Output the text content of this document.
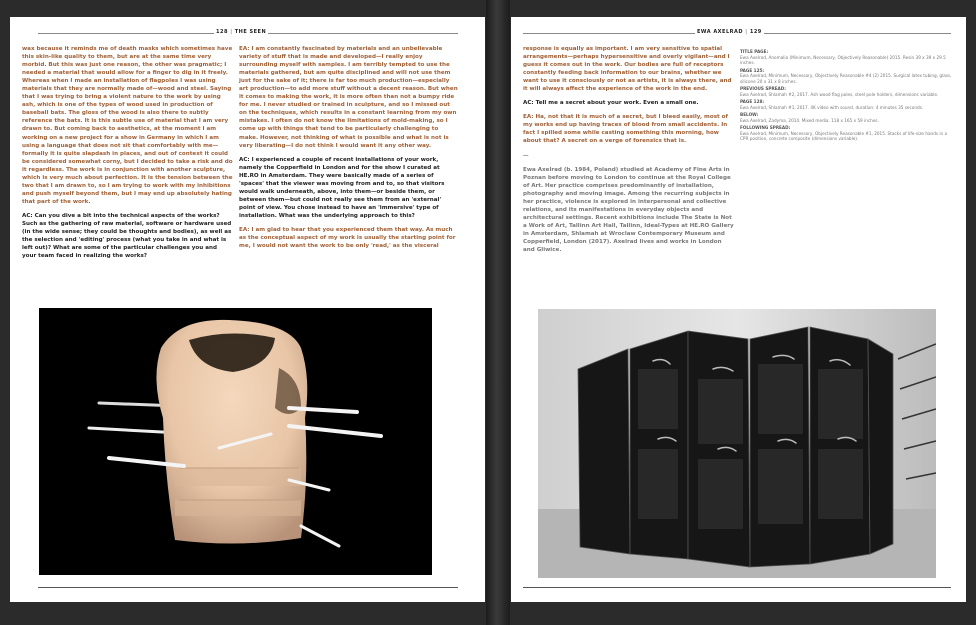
128 | THE SEEN

wax because it reminds me of death masks which sometimes have this skin-like quality to them, but are at the same time very morbid. But this was just one reason, the other was pragmatic; I needed a material that would allow for a finger to dig in it freely. Whereas when I made an installation of flagpoles I was using materials that they are normally made of—wood and steel. Saying that I was trying to bring a violent nature to the work by using ash, which is one of the types of wood used in production of baseball bats. The gloss of the wood is also there to subtly reference the bats. It is this subtle use of material that I am very drawn to. But coming back to aesthetics, at the moment I am working on a new project for a show in Germany in which I am using a language that does not sit that comfortably with me—formally it is quite slapdash in places, and out of context it could be considered somewhat corny, but I decided to take a risk and do it regardless. The work is in conjunction with another sculpture, which is very much about perfection. It is the tension between the two that I am drawn to, so I am trying to work with my inhibitions and push myself beyond them, but I may end up absolutely hating that part of the work.

AC: Can you dive a bit into the technical aspects of the works? Such as the gathering of raw material, software or hardware used (in the wide sense; they could be thoughts and bodies), as well as the selection and 'editing' process (what you take in and what is left out)? What are some of the particular challenges you and your team faced in realizing the works?

EA: I am constantly fascinated by materials and an unbelievable variety of stuff that is made and developed—I really enjoy surrounding myself with samples. I am terribly tempted to use the materials gathered, but am quite disciplined and will not use them just for the sake of it; there is far too much production—especially art production—to add more stuff without a decent reason. But when it comes to making the work, it is more often than not a bumpy ride for me. I never studied or trained in sculpture, and so I missed out on the techniques, which results in a constant learning from my own mistakes. I often do not know the limitations of mold-making, so I come up with things that tend to be particularly challenging to make. However, not thinking of what is possible and what is not is very liberating—I do not think I would want it any other way.

AC: I experienced a couple of recent installations of your work, namely the Copperfield in London and for the show I curated at HE.RO in Amsterdam. They were basically made of a series of 'spaces' that the viewer was moving from and to, so that visitors would walk underneath, above, into them—or beside them, or between them—but could not really see them from an 'external' point of view. You chose instead to have an 'immersive' type of installation. What was the underlying approach to this?

EA: I am glad to hear that you experienced them that way. As much as the conceptual aspect of my work is usually the starting point for me, I would not want the work to be only 'read,' as the visceral

EWA AXELRAD | 129

response is equally as important. I am very sensitive to spatial arrangements—perhaps hypersensitive and overly vigilant—and I guess it comes out in the work. Our bodies are full of receptors constantly feeding back information to our brains, whether we want to use it consciously or not as artists, it is always there, and it will always affect the experience of the work in the end.

AC: Tell me a secret about your work. Even a small one.

EA: Ha, not that it is much of a secret, but I bleed easily, most of my works end up having traces of blood from small accidents. In fact I spilled some while casting something this morning, how about that? A secret on a verge of forensics that is.

—

Ewa Axelrad (b. 1984, Poland) studied at Academy of Fine Arts in Poznan before moving to London to continue at the Royal College of Art. Her practice comprises predominantly of installation, photography and moving image. Among the recurring subjects in her practice, violence is explored in interpersonal and collective relations, and its manifestations in everyday objects and architectural settings. Recent exhibitions include The State is Not a Work of Art, Tallinn Art Hall, Tallinn, Ideal-Types at HE.RO Gallery in Amsterdam, Shlamah at Wroclaw Contemporary Museum and Copperfield, London (2017). Axelrad lives and works in London and Gliwice.

TITLE PAGE:
Ewa Axelrad, Anomalia (Minimum, Necessary, Objectively Reasonable) 2015. Resin 39 x 39 x 29.5 inches.
PAGE 125:
Ewa Axelrad, Minimum, Necessary, Objectively Reasonable #4 (2) 2015. Surgical latex tubing, glass, silicone 20 x 31 x 8 inches.
PREVIOUS SPREAD:
Ewa Axelrad, Shlamah #2, 2017. Ash wood flag poles, steel pole holders, dimensions variable.
PAGE 128:
Ewa Axelrad, Shlamah #1, 2017. 4K video with sound, duration: 4 minutes 35 seconds.
BELOW:
Ewa Axelrad, Zadyma, 2014. Mixed media. 118 x 165 x 59 inches.
FOLLOWING SPREAD:
Ewa Axelrad, Minimum, Necessary, Objectively Reasonable #1, 2015. Stacks of life-size hands in a CPR position, concrete composite (dimensions variable).
